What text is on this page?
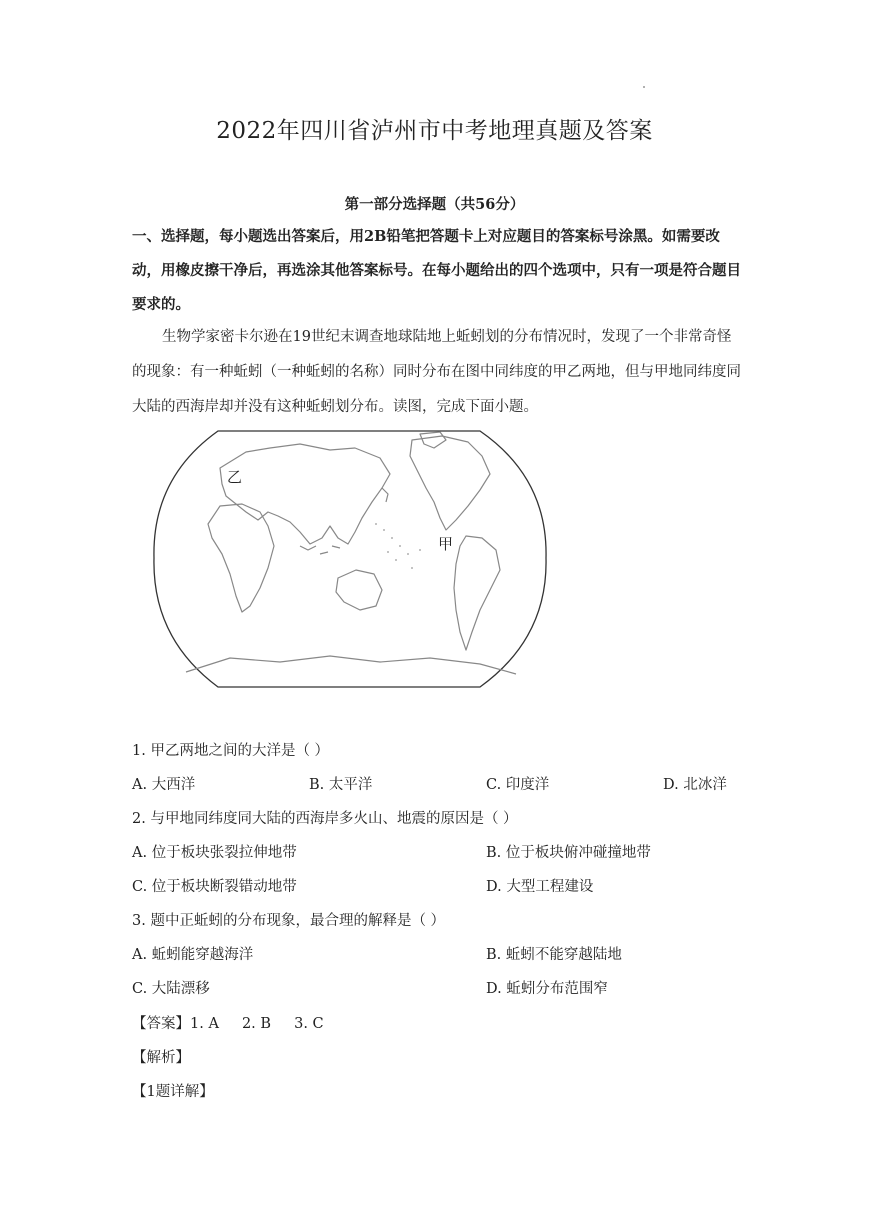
2022年四川省泸州市中考地理真题及答案
第一部分选择题（共56分）
一、选择题，每小题选出答案后，用2B铅笔把答题卡上对应题目的答案标号涂黑。如需要改动，用橡皮擦干净后，再选涂其他答案标号。在每小题给出的四个选项中，只有一项是符合题目要求的。
生物学家密卡尔逊在19世纪末调查地球陆地上蚯蚓划的分布情况时，发现了一个非常奇怪的现象：有一种蚯蚓（一种蚯蚓的名称）同时分布在图中同纬度的甲乙两地，但与甲地同纬度同大陆的西海岸却并没有这种蚯蚓划分布。读图，完成下面小题。
乙
甲
1. 甲乙两地之间的大洋是（ ）
A. 大西洋	B. 太平洋	C. 印度洋	D. 北冰洋
2. 与甲地同纬度同大陆的西海岸多火山、地震的原因是（ ）
A. 位于板块张裂拉伸地带	B. 位于板块俯冲碰撞地带
C. 位于板块断裂错动地带	D. 大型工程建设
3. 题中正蚯蚓的分布现象，最合理的解释是（ ）
A. 蚯蚓能穿越海洋	B. 蚯蚓不能穿越陆地
C. 大陆漂移	D. 蚯蚓分布范围窄
【答案】1. A     2. B     3. C
【解析】
【1题详解】
